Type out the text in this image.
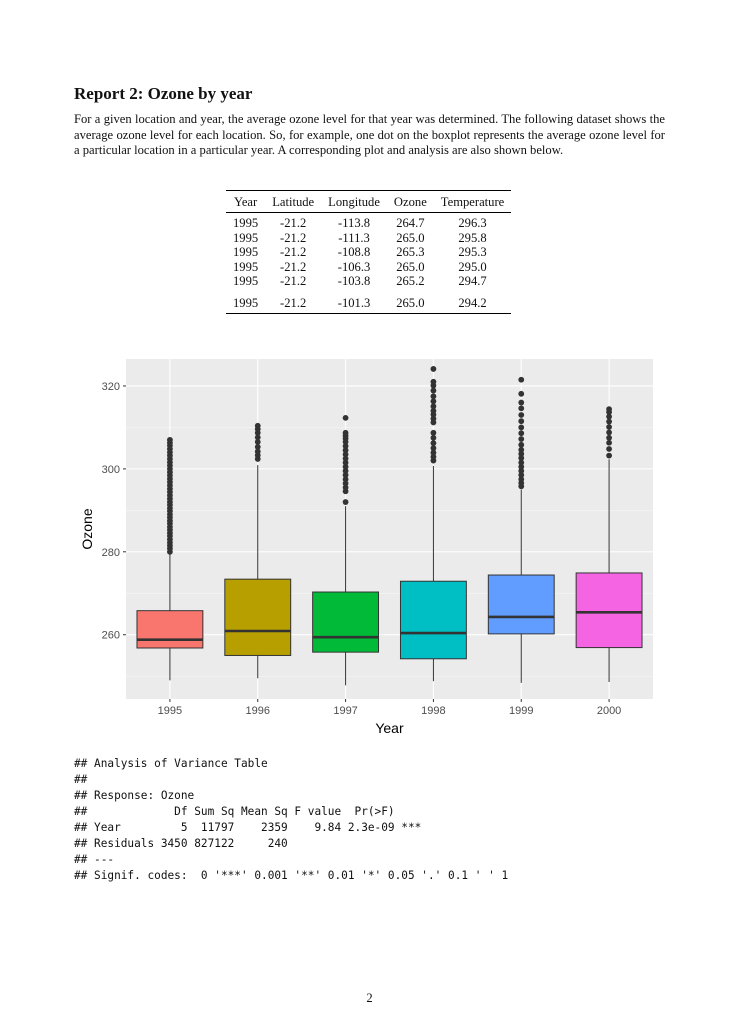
Report 2: Ozone by year

For a given location and year, the average ozone level for that year was determined. The following dataset shows the average ozone level for each location. So, for example, one dot on the boxplot represents the average ozone level for a particular location in a particular year. A corresponding plot and analysis are also shown below.

Year	Latitude	Longitude	Ozone	Temperature
1995	-21.2	-113.8	264.7	296.3
1995	-21.2	-111.3	265.0	295.8
1995	-21.2	-108.8	265.3	295.3
1995	-21.2	-106.3	265.0	295.0
1995	-21.2	-103.8	265.2	294.7
1995	-21.2	-101.3	265.0	294.2
260
280
300
320
1995	1996	1997	1998	1999	2000
Year
Ozone
## Analysis of Variance Table
##
## Response: Ozone
##             Df Sum Sq Mean Sq F value  Pr(>F)
## Year         5  11797    2359    9.84 2.3e-09 ***
## Residuals 3450 827122     240
## ---
## Signif. codes:  0 '***' 0.001 '**' 0.01 '*' 0.05 '.' 0.1 ' ' 1
2
